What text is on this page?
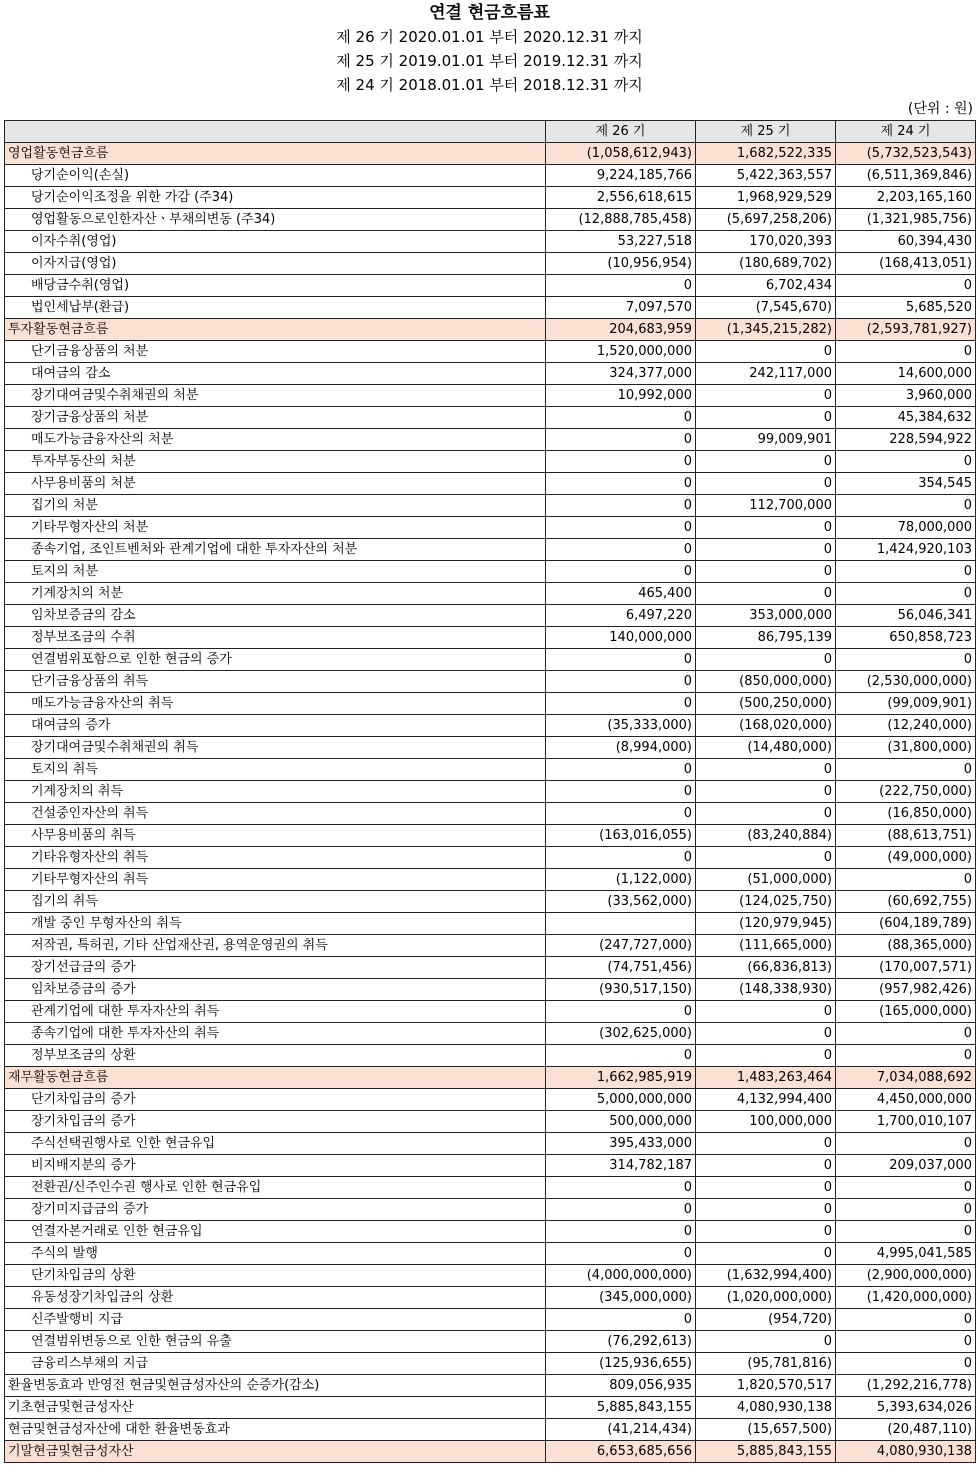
연결 현금흐름표
제 26 기 2020.01.01 부터 2020.12.31 까지
제 25 기 2019.01.01 부터 2019.12.31 까지
제 24 기 2018.01.01 부터 2018.12.31 까지
(단위 : 원)
	제 26 기	제 25 기	제 24 기
영업활동현금흐름	(1,058,612,943)	1,682,522,335	(5,732,523,543)
당기순이익(손실)	9,224,185,766	5,422,363,557	(6,511,369,846)
당기순이익조정을 위한 가감 (주34)	2,556,618,615	1,968,929,529	2,203,165,160
영업활동으로인한자산ㆍ부채의변동 (주34)	(12,888,785,458)	(5,697,258,206)	(1,321,985,756)
이자수취(영업)	53,227,518	170,020,393	60,394,430
이자지급(영업)	(10,956,954)	(180,689,702)	(168,413,051)
배당금수취(영업)	0	6,702,434	0
법인세납부(환급)	7,097,570	(7,545,670)	5,685,520
투자활동현금흐름	204,683,959	(1,345,215,282)	(2,593,781,927)
단기금융상품의 처분	1,520,000,000	0	0
대여금의 감소	324,377,000	242,117,000	14,600,000
장기대여금및수취채권의 처분	10,992,000	0	3,960,000
장기금융상품의 처분	0	0	45,384,632
매도가능금융자산의 처분	0	99,009,901	228,594,922
투자부동산의 처분	0	0	0
사무용비품의 처분	0	0	354,545
집기의 처분	0	112,700,000	0
기타무형자산의 처분	0	0	78,000,000
종속기업, 조인트벤처와 관계기업에 대한 투자자산의 처분	0	0	1,424,920,103
토지의 처분	0	0	0
기계장치의 처분	465,400	0	0
임차보증금의 감소	6,497,220	353,000,000	56,046,341
정부보조금의 수취	140,000,000	86,795,139	650,858,723
연결범위포함으로 인한 현금의 증가	0	0	0
단기금융상품의 취득	0	(850,000,000)	(2,530,000,000)
매도가능금융자산의 취득	0	(500,250,000)	(99,009,901)
대여금의 증가	(35,333,000)	(168,020,000)	(12,240,000)
장기대여금및수취채권의 취득	(8,994,000)	(14,480,000)	(31,800,000)
토지의 취득	0	0	0
기계장치의 취득	0	0	(222,750,000)
건설중인자산의 취득	0	0	(16,850,000)
사무용비품의 취득	(163,016,055)	(83,240,884)	(88,613,751)
기타유형자산의 취득	0	0	(49,000,000)
기타무형자산의 취득	(1,122,000)	(51,000,000)	0
집기의 취득	(33,562,000)	(124,025,750)	(60,692,755)
개발 중인 무형자산의 취득		(120,979,945)	(604,189,789)
저작권, 특허권, 기타 산업재산권, 용역운영권의 취득	(247,727,000)	(111,665,000)	(88,365,000)
장기선급금의 증가	(74,751,456)	(66,836,813)	(170,007,571)
임차보증금의 증가	(930,517,150)	(148,338,930)	(957,982,426)
관계기업에 대한 투자자산의 취득	0	0	(165,000,000)
종속기업에 대한 투자자산의 취득	(302,625,000)	0	0
정부보조금의 상환	0	0	0
재무활동현금흐름	1,662,985,919	1,483,263,464	7,034,088,692
단기차입금의 증가	5,000,000,000	4,132,994,400	4,450,000,000
장기차입금의 증가	500,000,000	100,000,000	1,700,010,107
주식선택권행사로 인한 현금유입	395,433,000	0	0
비지배지분의 증가	314,782,187	0	209,037,000
전환권/신주인수권 행사로 인한 현금유입	0	0	0
장기미지급금의 증가	0	0	0
연결자본거래로 인한 현금유입	0	0	0
주식의 발행	0	0	4,995,041,585
단기차입금의 상환	(4,000,000,000)	(1,632,994,400)	(2,900,000,000)
유동성장기차입금의 상환	(345,000,000)	(1,020,000,000)	(1,420,000,000)
신주발행비 지급	0	(954,720)	0
연결범위변동으로 인한 현금의 유출	(76,292,613)	0	0
금융리스부채의 지급	(125,936,655)	(95,781,816)	0
환율변동효과 반영전 현금및현금성자산의 순증가(감소)	809,056,935	1,820,570,517	(1,292,216,778)
기초현금및현금성자산	5,885,843,155	4,080,930,138	5,393,634,026
현금및현금성자산에 대한 환율변동효과	(41,214,434)	(15,657,500)	(20,487,110)
기말현금및현금성자산	6,653,685,656	5,885,843,155	4,080,930,138
